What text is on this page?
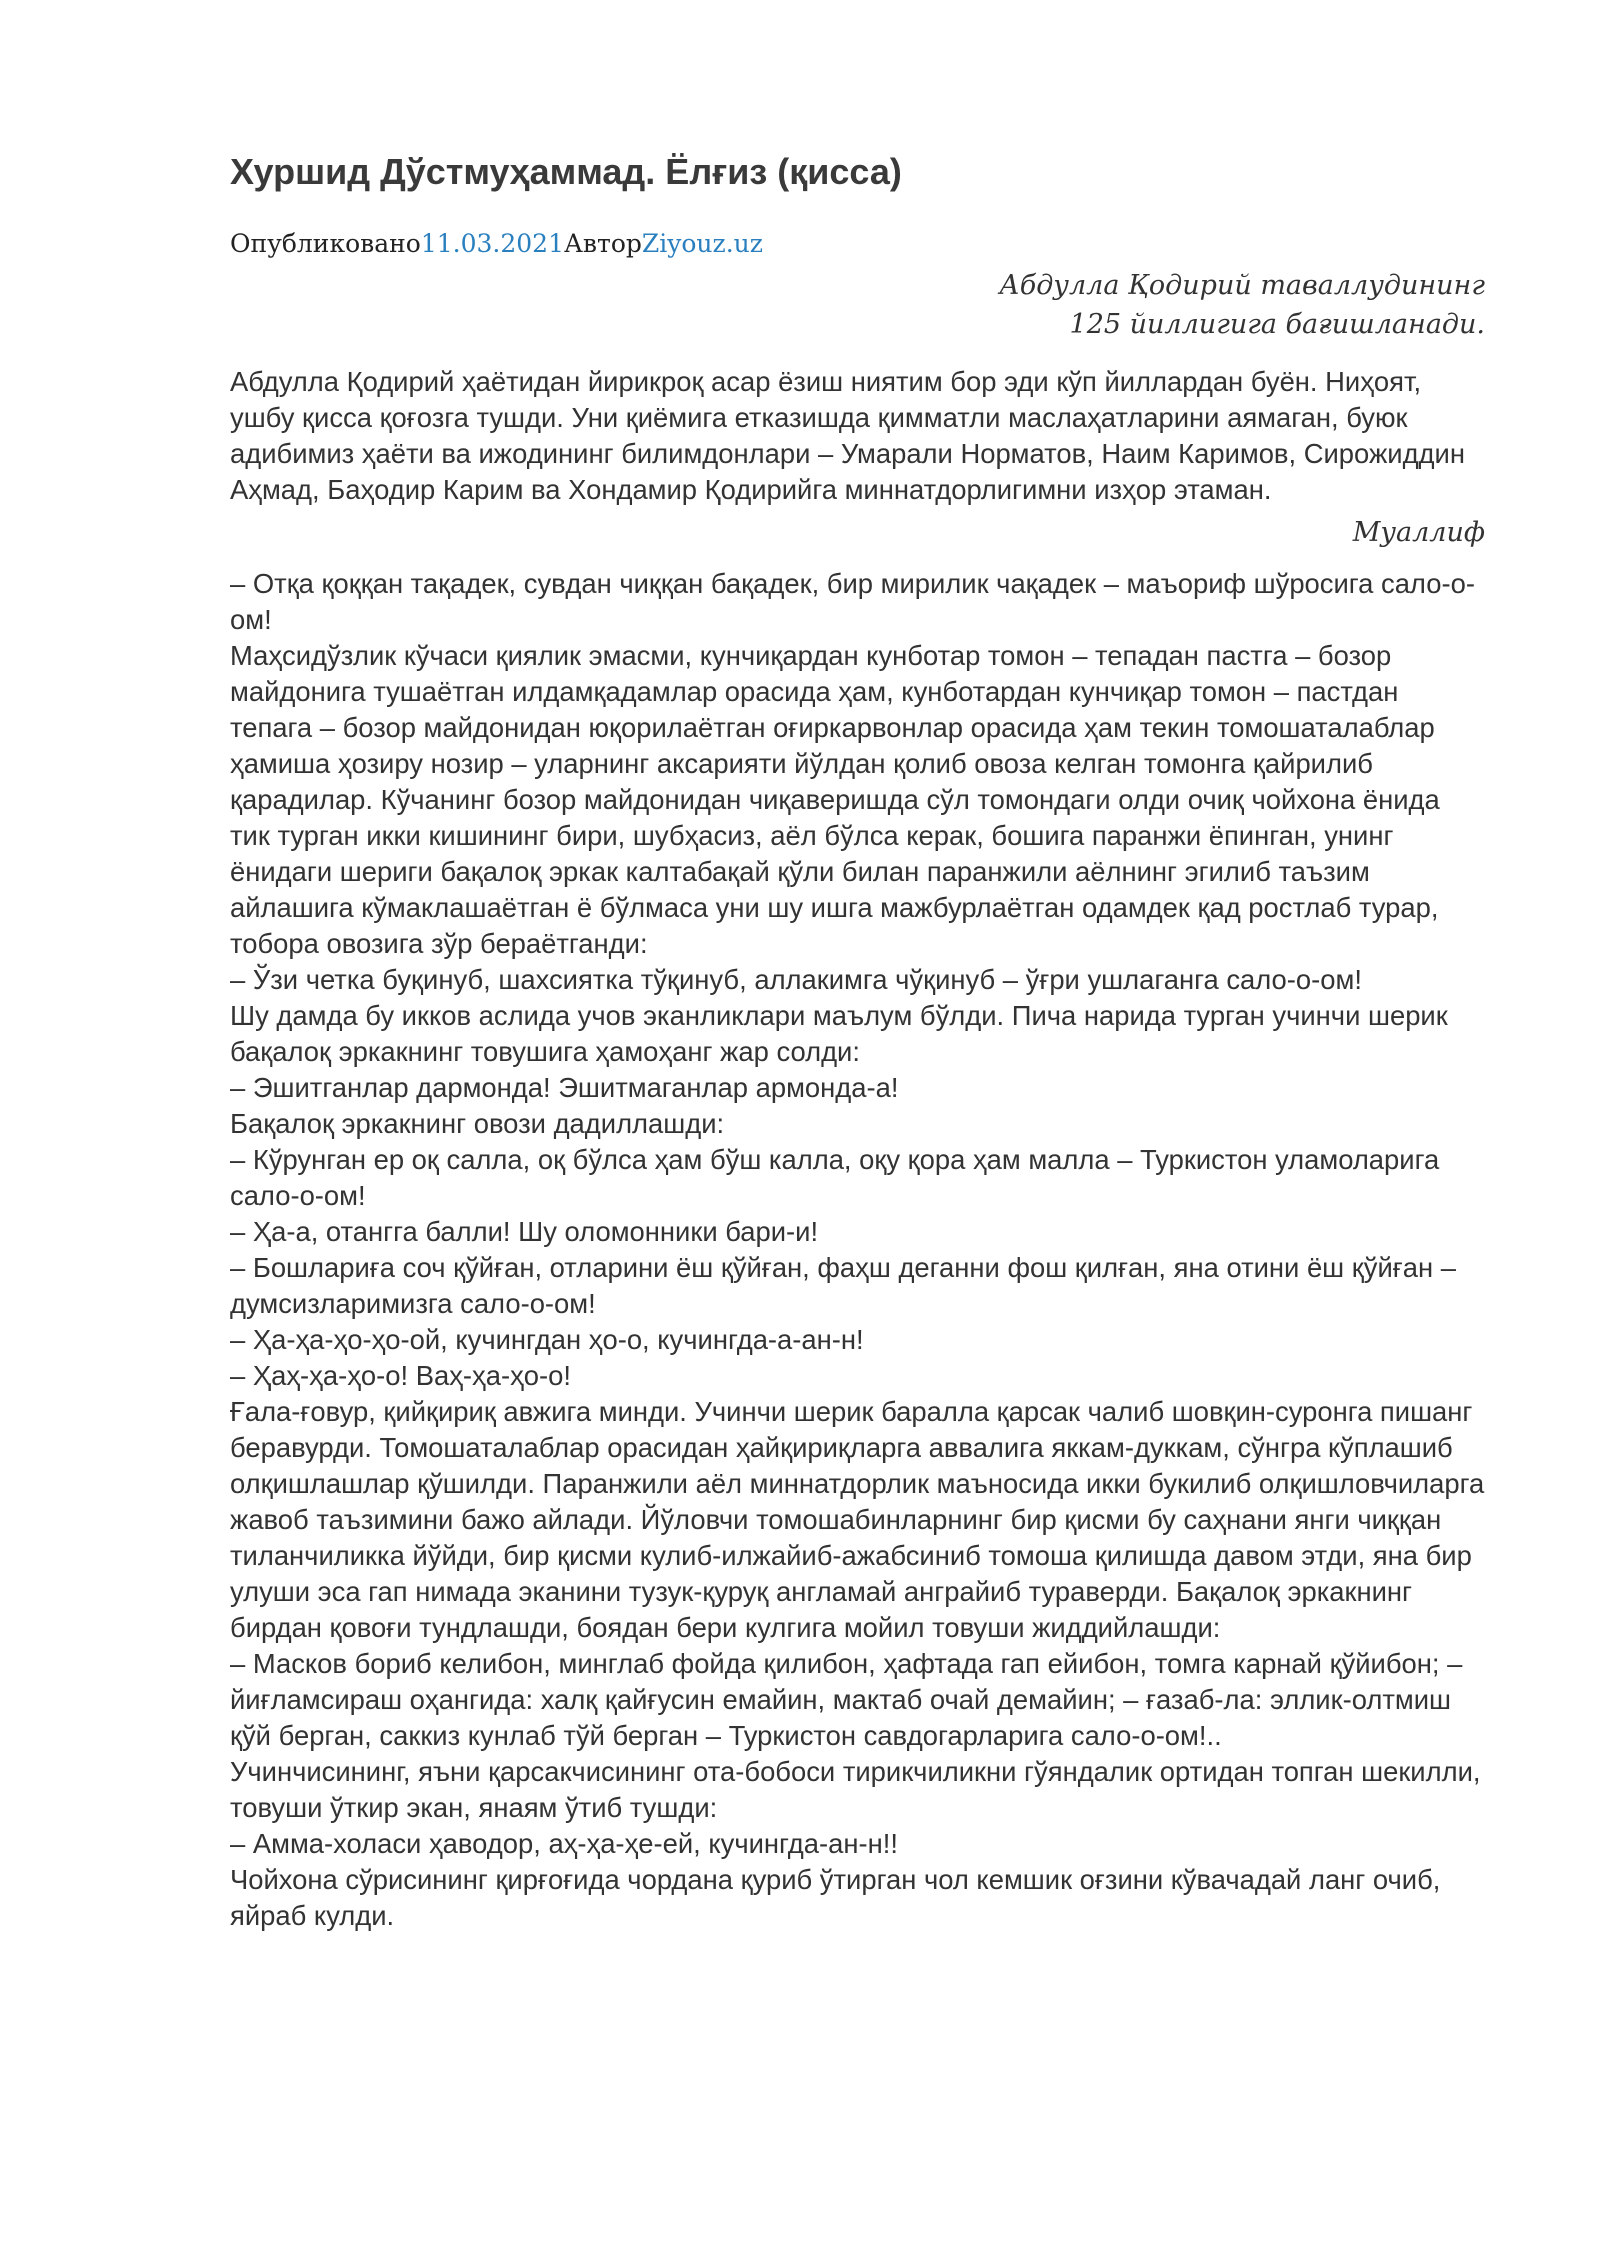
Хуршид Дўстмуҳаммад. Ёлғиз (қисса)
Опубликовано11.03.2021АвторZiyouz.uz
Абдулла Қодирий таваллудининг
125 йиллигига бағишланади.
Абдулла Қодирий ҳаётидан йирикроқ асар ёзиш ниятим бор эди кўп йиллардан буён. Ниҳоят, ушбу қисса қоғозга тушди. Уни қиёмига етказишда қимматли маслаҳатларини аямаган, буюк адибимиз ҳаёти ва ижодининг билимдонлари – Умарали Норматов, Наим Каримов, Сирожиддин Аҳмад, Баҳодир Карим ва Хондамир Қодирийга миннатдорлигимни изҳор этаман.
Муаллиф

– Отқа қоққан тақадек, сувдан чиққан бақадек, бир мирилик чақадек – маъориф шўросига сало-о-ом!

Маҳсидўзлик кўчаси қиялик эмасми, кунчиқардан кунботар томон – тепадан пастга – бозор майдонига тушаётган илдамқадамлар орасида ҳам, кунботардан кунчиқар томон – пастдан тепага – бозор майдонидан юқорилаётган оғиркарвонлар орасида ҳам текин томошаталаблар ҳамиша ҳозиру нозир – уларнинг аксарияти йўлдан қолиб овоза келган томонга қайрилиб қарадилар. Кўчанинг бозор майдонидан чиқаверишда сўл томондаги олди очиқ чойхона ёнида тик турган икки кишининг бири, шубҳасиз, аёл бўлса керак, бошига паранжи ёпинган, унинг ёнидаги шериги бақалоқ эркак калтабақай қўли билан паранжили аёлнинг эгилиб таъзим айлашига кўмаклашаётган ё бўлмаса уни шу ишга мажбурлаётган одамдек қад ростлаб турар, тобора овозига зўр бераётганди:

– Ўзи четка буқинуб, шахсиятка тўқинуб, аллакимга чўқинуб – ўғри ушлаганга сало-о-ом!

Шу дамда бу икков аслида учов эканликлари маълум бўлди. Пича нарида турган учинчи шерик бақалоқ эркакнинг товушига ҳамоҳанг жар солди:

– Эшитганлар дармонда! Эшитмаганлар армонда-а!

Бақалоқ эркакнинг овози дадиллашди:

– Кўрунган ер оқ салла, оқ бўлса ҳам бўш калла, оқу қора ҳам малла – Туркистон уламоларига сало-о-ом!

– Ҳа-а, отангга балли! Шу оломонники бари-и!

– Бошлариға соч қўйған, отларини ёш қўйған, фаҳш деганни фош қилған, яна отини ёш қўйған – думсизларимизга сало-о-ом!

– Ҳа-ҳа-ҳо-ҳо-ой, кучингдан ҳо-о, кучингда-а-ан-н!

– Ҳаҳ-ҳа-ҳо-о! Ваҳ-ҳа-ҳо-о!

Ғала-ғовур, қийқириқ авжига минди. Учинчи шерик баралла қарсак чалиб шовқин-суронга пишанг беравурди. Томошаталаблар орасидан ҳайқириқларга аввалига яккам-дуккам, сўнгра кўплашиб олқишлашлар қўшилди. Паранжили аёл миннатдорлик маъносида икки букилиб олқишловчиларга жавоб таъзимини бажо айлади. Йўловчи томошабинларнинг бир қисми бу саҳнани янги чиққан тиланчиликка йўйди, бир қисми кулиб-илжайиб-ажабсиниб томоша қилишда давом этди, яна бир улуши эса гап нимада эканини тузук-қуруқ англамай анграйиб тураверди. Бақалоқ эркакнинг бирдан қовоғи тундлашди, боядан бери кулгига мойил товуши жиддийлашди:

– Масков бориб келибон, минглаб фойда қилибон, ҳафтада гап ейибон, томга карнай қўйибон; – йиғламсираш оҳангида: халқ қайғусин емайин, мактаб очай демайин; – ғазаб-ла: эллик-олтмиш қўй берган, саккиз кунлаб тўй берган – Туркистон савдогарларига сало-о-ом!..

Учинчисининг, яъни қарсакчисининг ота-бобоси тирикчиликни гўяндалик ортидан топган шекилли, товуши ўткир экан, янаям ўтиб тушди:

– Амма-холаси ҳаводор, аҳ-ҳа-ҳе-ей, кучингда-ан-н!!

Чойхона сўрисининг қирғоғида чордана қуриб ўтирган чол кемшик оғзини кўвачадай ланг очиб, яйраб кулди.
